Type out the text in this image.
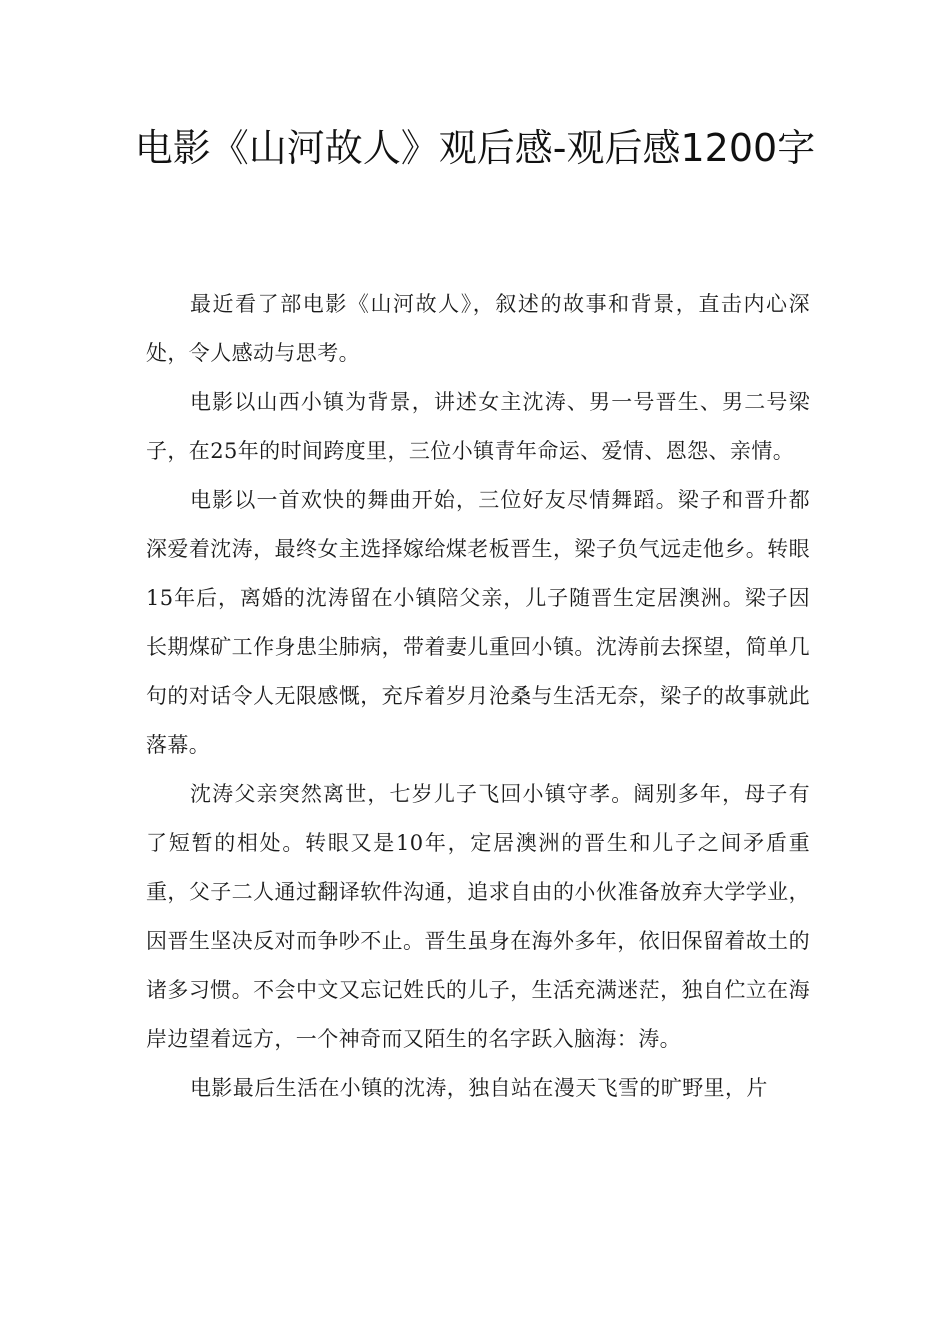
电影《山河故人》观后感-观后感1200字

最近看了部电影《山河故人》，叙述的故事和背景，直击内心深处，令人感动与思考。

电影以山西小镇为背景，讲述女主沈涛、男一号晋生、男二号梁子，在25年的时间跨度里，三位小镇青年命运、爱情、恩怨、亲情。

电影以一首欢快的舞曲开始，三位好友尽情舞蹈。梁子和晋升都深爱着沈涛，最终女主选择嫁给煤老板晋生，梁子负气远走他乡。转眼15年后，离婚的沈涛留在小镇陪父亲，儿子随晋生定居澳洲。梁子因长期煤矿工作身患尘肺病，带着妻儿重回小镇。沈涛前去探望，简单几句的对话令人无限感慨，充斥着岁月沧桑与生活无奈，梁子的故事就此落幕。

沈涛父亲突然离世，七岁儿子飞回小镇守孝。阔别多年，母子有了短暂的相处。转眼又是10年，定居澳洲的晋生和儿子之间矛盾重重，父子二人通过翻译软件沟通，追求自由的小伙准备放弃大学学业，因晋生坚决反对而争吵不止。晋生虽身在海外多年，依旧保留着故土的诸多习惯。不会中文又忘记姓氏的儿子，生活充满迷茫，独自伫立在海岸边望着远方，一个神奇而又陌生的名字跃入脑海：涛。

电影最后生活在小镇的沈涛，独自站在漫天飞雪的旷野里，片
